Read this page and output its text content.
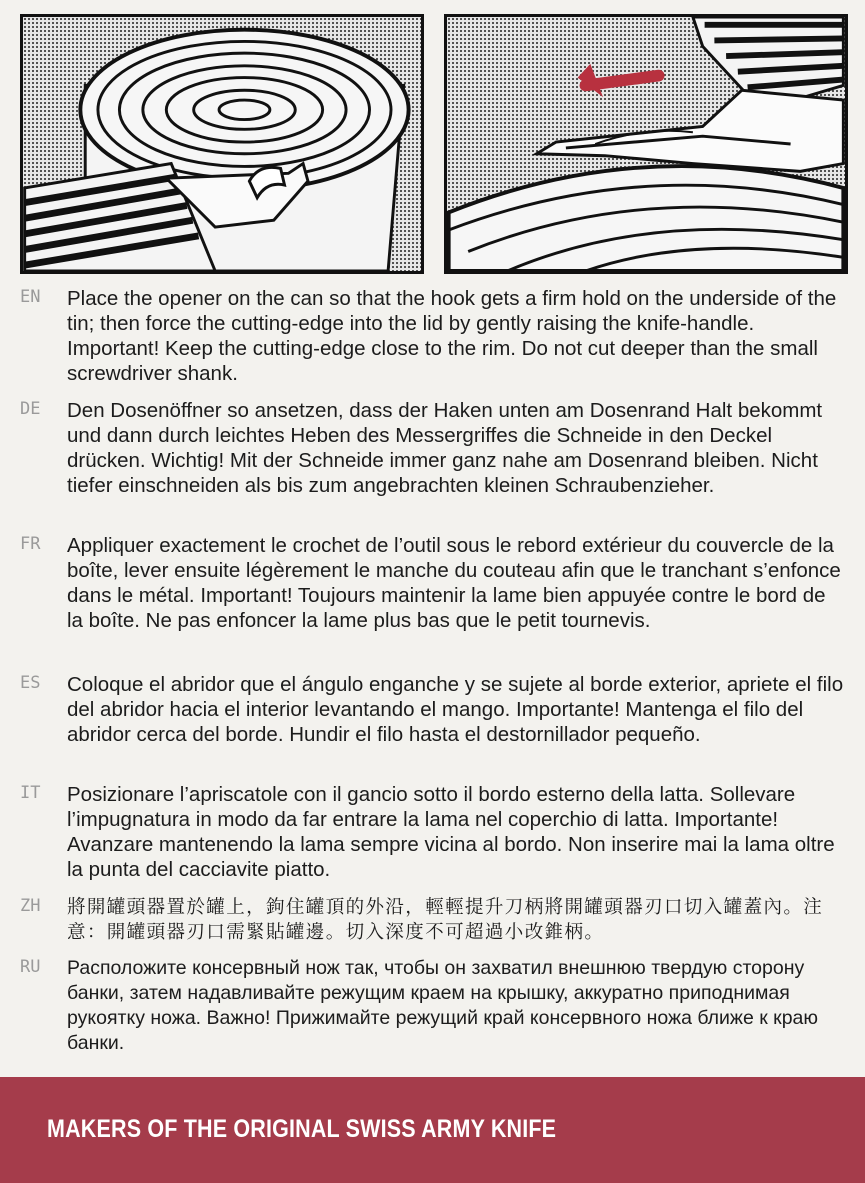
EN Place the opener on the can so that the hook gets a firm hold on the underside of the tin; then force the cutting-edge into the lid by gently raising the knife-handle. Important! Keep the cutting-edge close to the rim. Do not cut deeper than the small screwdriver shank.

DE Den Dosenöffner so ansetzen, dass der Haken unten am Dosenrand Halt bekommt und dann durch leichtes Heben des Messergriffes die Schneide in den Deckel drücken. Wichtig! Mit der Schneide immer ganz nahe am Dosenrand bleiben. Nicht tiefer einschneiden als bis zum angebrachten kleinen Schraubenzieher.

FR Appliquer exactement le crochet de l’outil sous le rebord extérieur du couvercle de la boîte, lever ensuite légèrement le manche du couteau afin que le tranchant s’enfonce dans le métal. Important! Toujours maintenir la lame bien appuyée contre le bord de la boîte. Ne pas enfoncer la lame plus bas que le petit tournevis.

ES Coloque el abridor que el ángulo enganche y se sujete al borde exterior, apriete el filo del abridor hacia el interior levantando el mango. Importante! Mantenga el filo del abridor cerca del borde. Hundir el filo hasta el destornillador pequeño.

IT Posizionare l’apriscatole con il gancio sotto il bordo esterno della latta. Sollevare l’impugnatura in modo da far entrare la lama nel coperchio di latta. Importante! Avanzare mantenendo la lama sempre vicina al bordo. Non inserire mai la lama oltre la punta del cacciavite piatto.

ZH 將開罐頭器置於罐上，鉤住罐頂的外沿，輕輕提升刀柄將開罐頭器刃口切入罐蓋內。注意：開罐頭器刃口需緊貼罐邊。切入深度不可超過小改錐柄。

RU Расположите консервный нож так, чтобы он захватил внешнюю твердую сторону банки, затем надавливайте режущим краем на крышку, аккуратно приподнимая рукоятку ножа. Важно! Прижимайте режущий край консервного ножа ближе к краю банки.

MAKERS OF THE ORIGINAL SWISS ARMY KNIFE
